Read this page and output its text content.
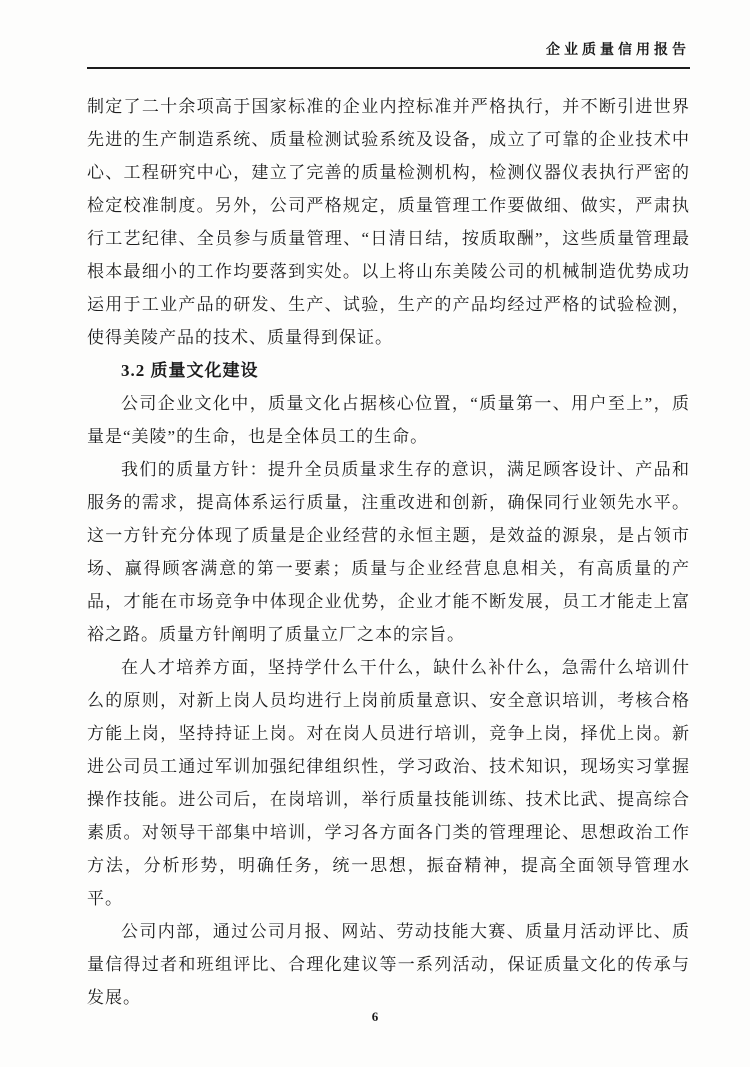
企业质量信用报告

制定了二十余项高于国家标准的企业内控标准并严格执行，并不断引进世界先进的生产制造系统、质量检测试验系统及设备，成立了可靠的企业技术中心、工程研究中心，建立了完善的质量检测机构，检测仪器仪表执行严密的检定校准制度。另外，公司严格规定，质量管理工作要做细、做实，严肃执行工艺纪律、全员参与质量管理、“日清日结，按质取酬”，这些质量管理最根本最细小的工作均要落到实处。以上将山东美陵公司的机械制造优势成功运用于工业产品的研发、生产、试验，生产的产品均经过严格的试验检测，使得美陵产品的技术、质量得到保证。

3.2 质量文化建设

公司企业文化中，质量文化占据核心位置，“质量第一、用户至上”，质量是“美陵”的生命，也是全体员工的生命。

我们的质量方针：提升全员质量求生存的意识，满足顾客设计、产品和服务的需求，提高体系运行质量，注重改进和创新，确保同行业领先水平。这一方针充分体现了质量是企业经营的永恒主题，是效益的源泉，是占领市场、赢得顾客满意的第一要素；质量与企业经营息息相关，有高质量的产品，才能在市场竞争中体现企业优势，企业才能不断发展，员工才能走上富裕之路。质量方针阐明了质量立厂之本的宗旨。

在人才培养方面，坚持学什么干什么，缺什么补什么，急需什么培训什么的原则，对新上岗人员均进行上岗前质量意识、安全意识培训，考核合格方能上岗，坚持持证上岗。对在岗人员进行培训，竞争上岗，择优上岗。新进公司员工通过军训加强纪律组织性，学习政治、技术知识，现场实习掌握操作技能。进公司后，在岗培训，举行质量技能训练、技术比武、提高综合素质。对领导干部集中培训，学习各方面各门类的管理理论、思想政治工作方法，分析形势，明确任务，统一思想，振奋精神，提高全面领导管理水平。

公司内部，通过公司月报、网站、劳动技能大赛、质量月活动评比、质量信得过者和班组评比、合理化建议等一系列活动，保证质量文化的传承与发展。

6
